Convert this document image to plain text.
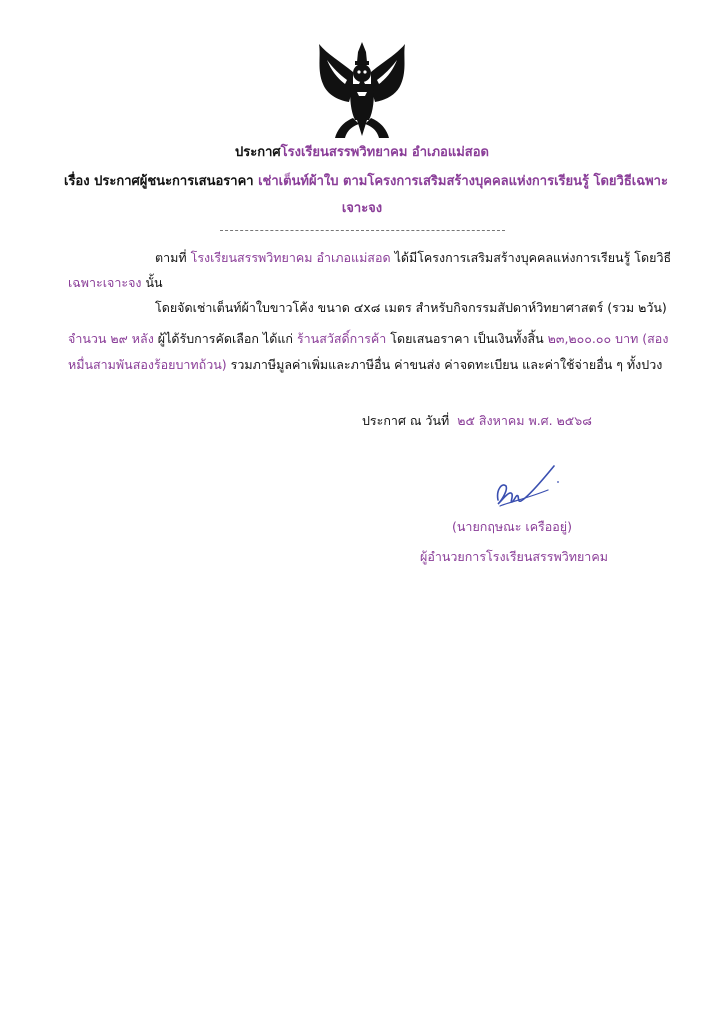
ประกาศโรงเรียนสรรพวิทยาคม อำเภอแม่สอด
เรื่อง ประกาศผู้ชนะการเสนอราคา เช่าเต็นท์ผ้าใบ ตามโครงการเสริมสร้างบุคคลแห่งการเรียนรู้ โดยวิธีเฉพาะ
เจาะจง
ตามที่ โรงเรียนสรรพวิทยาคม อำเภอแม่สอด ได้มีโครงการเสริมสร้างบุคคลแห่งการเรียนรู้ โดยวิธี
เฉพาะเจาะจง นั้น
โดยจัดเช่าเต็นท์ผ้าใบขาวโค้ง ขนาด ๔x๘ เมตร สำหรับกิจกรรมสัปดาห์วิทยาศาสตร์ (รวม ๒วัน)
จำนวน ๒๙ หลัง ผู้ได้รับการคัดเลือก ได้แก่ ร้านสวัสดิ์การค้า โดยเสนอราคา เป็นเงินทั้งสิ้น ๒๓,๒๐๐.๐๐ บาท (สอง
หมื่นสามพันสองร้อยบาทถ้วน) รวมภาษีมูลค่าเพิ่มและภาษีอื่น ค่าขนส่ง ค่าจดทะเบียน และค่าใช้จ่ายอื่น ๆ ทั้งปวง
ประกาศ ณ วันที่ ๒๕ สิงหาคม พ.ศ. ๒๕๖๘
(นายกฤษณะ เครืออยู่)
ผู้อำนวยการโรงเรียนสรรพวิทยาคม
